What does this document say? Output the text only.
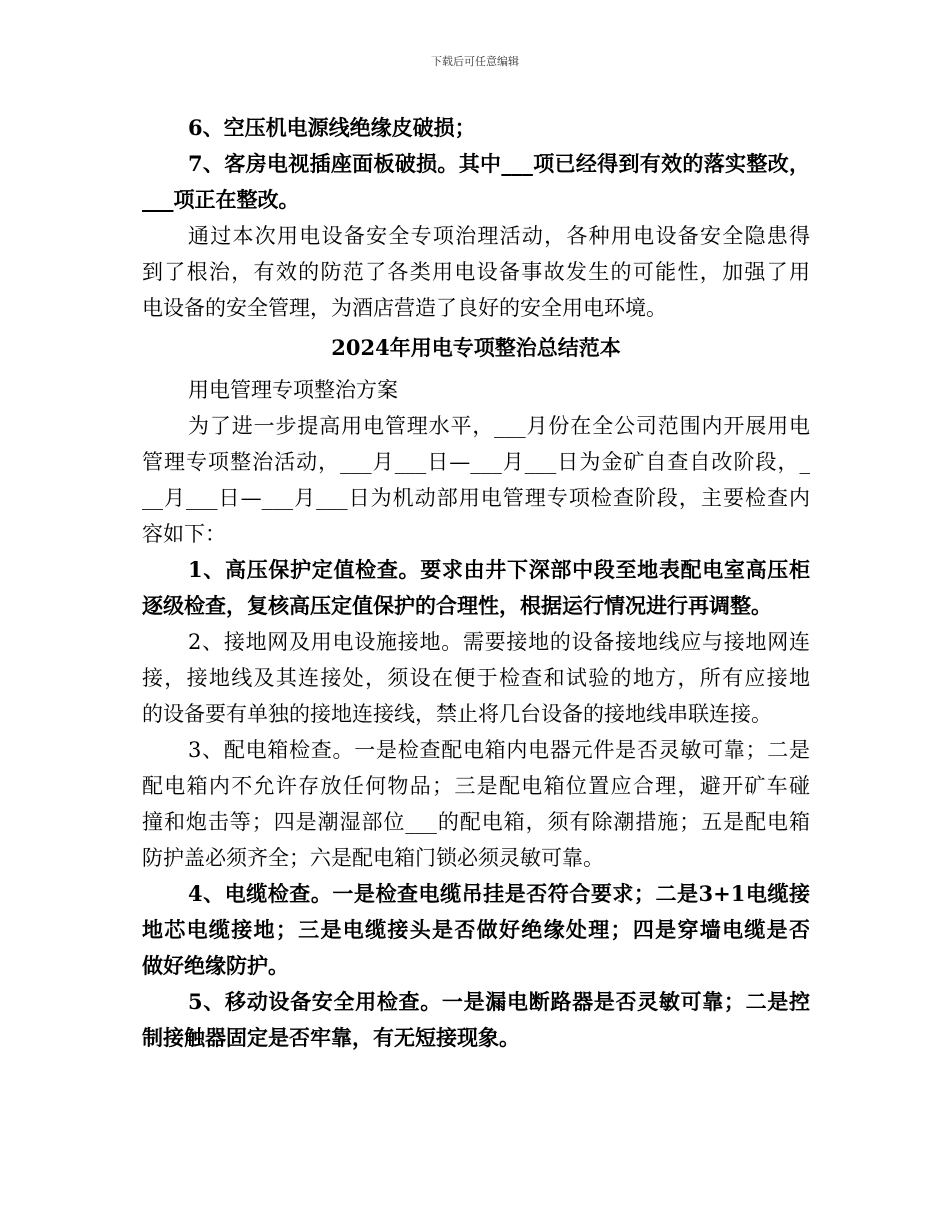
下载后可任意编辑
6、空压机电源线绝缘皮破损；
7、客房电视插座面板破损。其中___项已经得到有效的落实整改，
___项正在整改。
通过本次用电设备安全专项治理活动，各种用电设备安全隐患得
到了根治，有效的防范了各类用电设备事故发生的可能性，加强了用
电设备的安全管理，为酒店营造了良好的安全用电环境。
2024年用电专项整治总结范本
用电管理专项整治方案
为了进一步提高用电管理水平，___月份在全公司范围内开展用电
管理专项整治活动，___月___日—___月___日为金矿自查自改阶段，_
__月___日—___月___日为机动部用电管理专项检查阶段，主要检查内
容如下：
1、高压保护定值检查。要求由井下深部中段至地表配电室高压柜
逐级检查，复核高压定值保护的合理性，根据运行情况进行再调整。
2、接地网及用电设施接地。需要接地的设备接地线应与接地网连
接，接地线及其连接处，须设在便于检查和试验的地方，所有应接地
的设备要有单独的接地连接线，禁止将几台设备的接地线串联连接。
3、配电箱检查。一是检查配电箱内电器元件是否灵敏可靠；二是
配电箱内不允许存放任何物品；三是配电箱位置应合理，避开矿车碰
撞和炮击等；四是潮湿部位___的配电箱，须有除潮措施；五是配电箱
防护盖必须齐全；六是配电箱门锁必须灵敏可靠。
4、电缆检查。一是检查电缆吊挂是否符合要求；二是3+1电缆接
地芯电缆接地；三是电缆接头是否做好绝缘处理；四是穿墙电缆是否
做好绝缘防护。
5、移动设备安全用检查。一是漏电断路器是否灵敏可靠；二是控
制接触器固定是否牢靠，有无短接现象。
